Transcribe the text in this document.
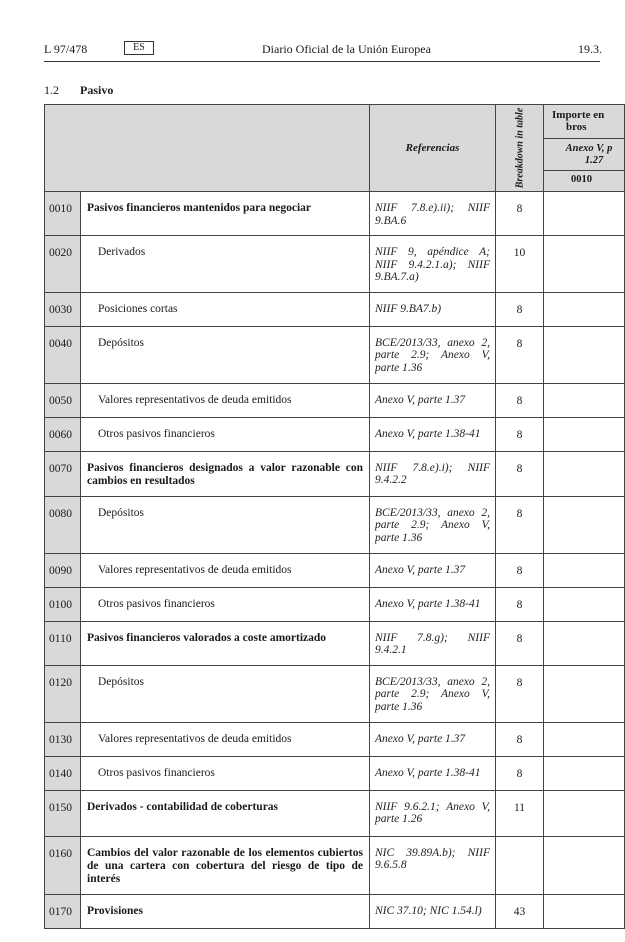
L 97/478	ES	Diario Oficial de la Unión Europea	19.3.
1.2 Pasivo
		Referencias	Breakdown in table	Importe en
bros

				Anexo V, p
1.27

				0010
0010	Pasivos financieros mantenidos para negociar	NIIF 7.8.e).ii); NIIF 9.BA.6	8	
0020	Derivados	NIIF 9, apéndice A; NIIF 9.4.2.1.a); NIIF 9.BA.7.a)	10	
0030	Posiciones cortas	NIIF 9.BA7.b)	8	
0040	Depósitos	BCE/2013/33, anexo 2, parte 2.9; Anexo V, parte 1.36	8	
0050	Valores representativos de deuda emitidos	Anexo V, parte 1.37	8	
0060	Otros pasivos financieros	Anexo V, parte 1.38-41	8	
0070	Pasivos financieros designados a valor razonable con cambios en resultados	NIIF 7.8.e).i); NIIF 9.4.2.2	8	
0080	Depósitos	BCE/2013/33, anexo 2, parte 2.9; Anexo V, parte 1.36	8	
0090	Valores representativos de deuda emitidos	Anexo V, parte 1.37	8	
0100	Otros pasivos financieros	Anexo V, parte 1.38-41	8	
0110	Pasivos financieros valorados a coste amortizado	NIIF 7.8.g); NIIF 9.4.2.1	8	
0120	Depósitos	BCE/2013/33, anexo 2, parte 2.9; Anexo V, parte 1.36	8	
0130	Valores representativos de deuda emitidos	Anexo V, parte 1.37	8	
0140	Otros pasivos financieros	Anexo V, parte 1.38-41	8	
0150	Derivados - contabilidad de coberturas	NIIF 9.6.2.1; Anexo V, parte 1.26	11	
0160	Cambios del valor razonable de los elementos cubiertos de una cartera con cobertura del riesgo de tipo de interés	NIC 39.89A.b); NIIF 9.6.5.8		
0170	Provisiones	NIC 37.10; NIC 1.54.l)	43	
